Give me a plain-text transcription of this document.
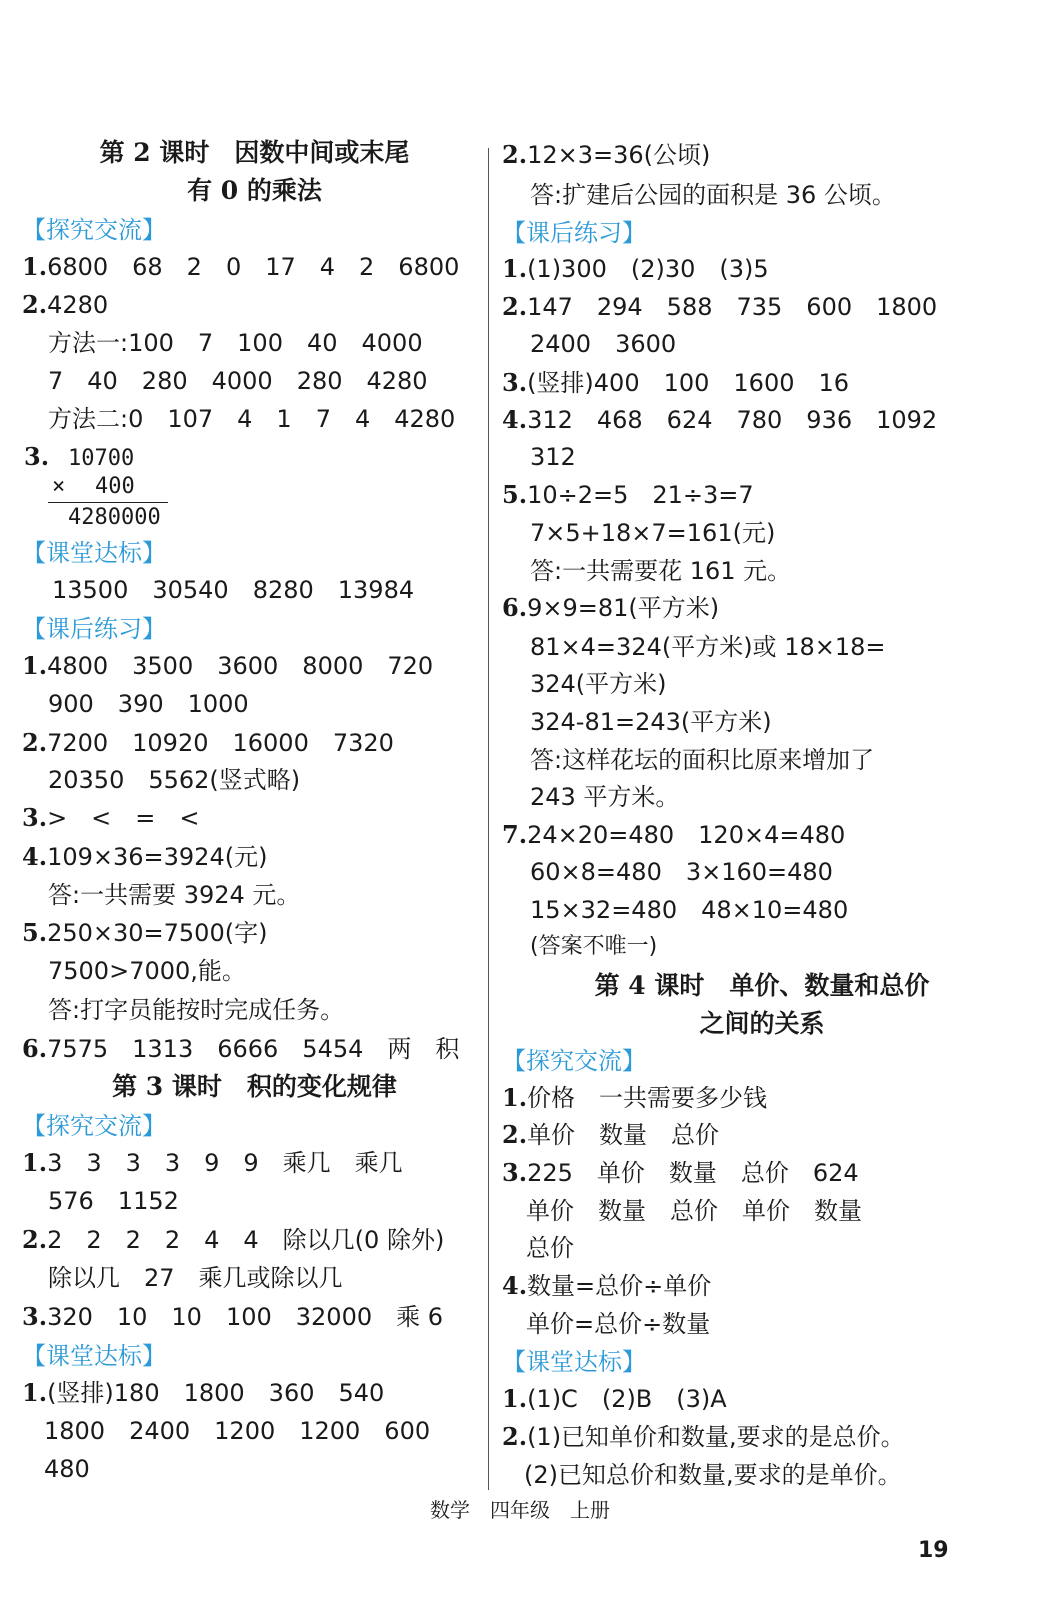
第 2 课时　因数中间或末尾
有 0 的乘法
【探究交流】
1.6800　68　2　0　17　4　2　6800
2.4280
方法一:100　7　100　40　4000
7　40　280　4000　280　4280
方法二:0　107　4　1　7　4　4280
3. 10700
× 400
4280000
【课堂达标】
13500　30540　8280　13984
【课后练习】
1.4800　3500　3600　8000　720
900　390　1000
2.7200　10920　16000　7320
20350　5562(竖式略)
3.>　<　=　<
4.109×36=3924(元)
答:一共需要 3924 元。
5.250×30=7500(字)
7500>7000,能。
答:打字员能按时完成任务。
6.7575　1313　6666　5454　两　积
第 3 课时　积的变化规律
【探究交流】
1.3　3　3　3　9　9　乘几　乘几
576　1152
2.2　2　2　2　4　4　除以几(0 除外)
除以几　27　乘几或除以几
3.320　10　10　100　32000　乘 6
【课堂达标】
1.(竖排)180　1800　360　540
1800　2400　1200　1200　600
480
2.12×3=36(公顷)
答:扩建后公园的面积是 36 公顷。
【课后练习】
1.(1)300　(2)30　(3)5
2.147　294　588　735　600　1800
2400　3600
3.(竖排)400　100　1600　16
4.312　468　624　780　936　1092
312
5.10÷2=5　21÷3=7
7×5+18×7=161(元)
答:一共需要花 161 元。
6.9×9=81(平方米)
81×4=324(平方米)或 18×18=
324(平方米)
324-81=243(平方米)
答:这样花坛的面积比原来增加了
243 平方米。
7.24×20=480　120×4=480
60×8=480　3×160=480
15×32=480　48×10=480
(答案不唯一)
第 4 课时　单价、数量和总价
之间的关系
【探究交流】
1.价格　一共需要多少钱
2.单价　数量　总价
3.225　单价　数量　总价　624
单价　数量　总价　单价　数量
总价
4.数量=总价÷单价
单价=总价÷数量
【课堂达标】
1.(1)C　(2)B　(3)A
2.(1)已知单价和数量,要求的是总价。
(2)已知总价和数量,要求的是单价。
数学　四年级　上册
19
